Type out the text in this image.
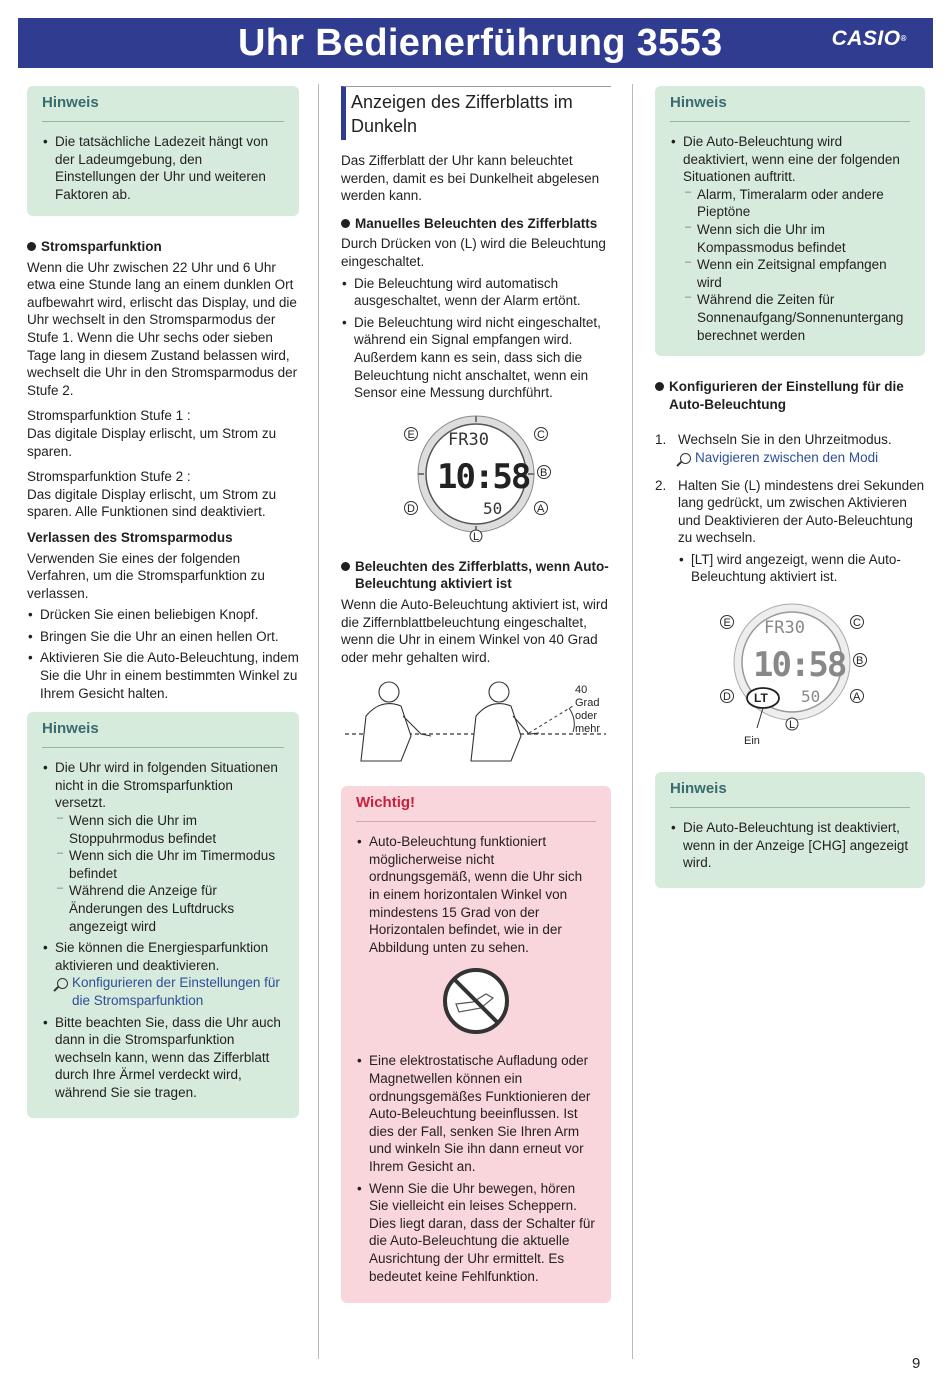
Uhr Bedienerführung 3553	CASIO®
Hinweis
• Die tatsächliche Ladezeit hängt von der Ladeumgebung, den Einstellungen der Uhr und weiteren Faktoren ab.
Stromsparfunktion

Wenn die Uhr zwischen 22 Uhr und 6 Uhr etwa eine Stunde lang an einem dunklen Ort aufbewahrt wird, erlischt das Display, und die Uhr wechselt in den Stromsparmodus der Stufe 1. Wenn die Uhr sechs oder sieben Tage lang in diesem Zustand belassen wird, wechselt die Uhr in den Stromsparmodus der Stufe 2.

Stromsparfunktion Stufe 1 :

Das digitale Display erlischt, um Strom zu sparen.

Stromsparfunktion Stufe 2 :

Das digitale Display erlischt, um Strom zu sparen. Alle Funktionen sind deaktiviert.

Verlassen des Stromsparmodus
Verwenden Sie eines der folgenden Verfahren, um die Stromsparfunktion zu verlassen.
• Drücken Sie einen beliebigen Knopf.
• Bringen Sie die Uhr an einen hellen Ort.
• Aktivieren Sie die Auto-Beleuchtung, indem Sie die Uhr in einem bestimmten Winkel zu Ihrem Gesicht halten.
Hinweis
• Die Uhr wird in folgenden Situationen nicht in die Stromsparfunktion versetzt.
– Wenn sich die Uhr im Stoppuhrmodus befindet
– Wenn sich die Uhr im Timermodus befindet
– Während die Anzeige für Änderungen des Luftdrucks angezeigt wird
• Sie können die Energiesparfunktion aktivieren und deaktivieren.
Konfigurieren der Einstellungen für die Stromsparfunktion
• Bitte beachten Sie, dass die Uhr auch dann in die Stromsparfunktion wechseln kann, wenn das Zifferblatt durch Ihre Ärmel verdeckt wird, während Sie sie tragen.
Anzeigen des Zifferblatts im Dunkeln

Das Zifferblatt der Uhr kann beleuchtet werden, damit es bei Dunkelheit abgelesen werden kann.

Manuelles Beleuchten des Zifferblatts
Durch Drücken von (L) wird die Beleuchtung eingeschaltet.
• Die Beleuchtung wird automatisch ausgeschaltet, wenn der Alarm ertönt.
• Die Beleuchtung wird nicht eingeschaltet, während ein Signal empfangen wird. Außerdem kann es sein, dass sich die Beleuchtung nicht anschaltet, wenn ein Sensor eine Messung durchführt.
FR30
10:58
50
E	C
B
D	A
L
Beleuchten des Zifferblatts, wenn Auto-Beleuchtung aktiviert ist
Wenn die Auto-Beleuchtung aktiviert ist, wird die Ziffernblattbeleuchtung eingeschaltet, wenn die Uhr in einem Winkel von 40 Grad oder mehr gehalten wird.
40 Grad
oder
mehr
Wichtig!
• Auto-Beleuchtung funktioniert möglicherweise nicht ordnungsgemäß, wenn die Uhr sich in einem horizontalen Winkel von mindestens 15 Grad von der Horizontalen befindet, wie in der Abbildung unten zu sehen.
• Eine elektrostatische Aufladung oder Magnetwellen können ein ordnungsgemäßes Funktionieren der Auto-Beleuchtung beeinflussen. Ist dies der Fall, senken Sie Ihren Arm und winkeln Sie ihn dann erneut vor Ihrem Gesicht an.
• Wenn Sie die Uhr bewegen, hören Sie vielleicht ein leises Scheppern. Dies liegt daran, dass der Schalter für die Auto-Beleuchtung die aktuelle Ausrichtung der Uhr ermittelt. Es bedeutet keine Fehlfunktion.
Hinweis
• Die Auto-Beleuchtung wird deaktiviert, wenn eine der folgenden Situationen auftritt.
– Alarm, Timeralarm oder andere Pieptöne
– Wenn sich die Uhr im Kompassmodus befindet
– Wenn ein Zeitsignal empfangen wird
– Während die Zeiten für Sonnenaufgang/Sonnenuntergang berechnet werden
Konfigurieren der Einstellung für die Auto-Beleuchtung
1. Wechseln Sie in den Uhrzeitmodus.
Navigieren zwischen den Modi
2. Halten Sie (L) mindestens drei Sekunden lang gedrückt, um zwischen Aktivieren und Deaktivieren der Auto-Beleuchtung zu wechseln.
• [LT] wird angezeigt, wenn die Auto-Beleuchtung aktiviert ist.
FR30
10:58
LT 50
E	C
B
D	A
L
Ein
Hinweis
• Die Auto-Beleuchtung ist deaktiviert, wenn in der Anzeige [CHG] angezeigt wird.
9
